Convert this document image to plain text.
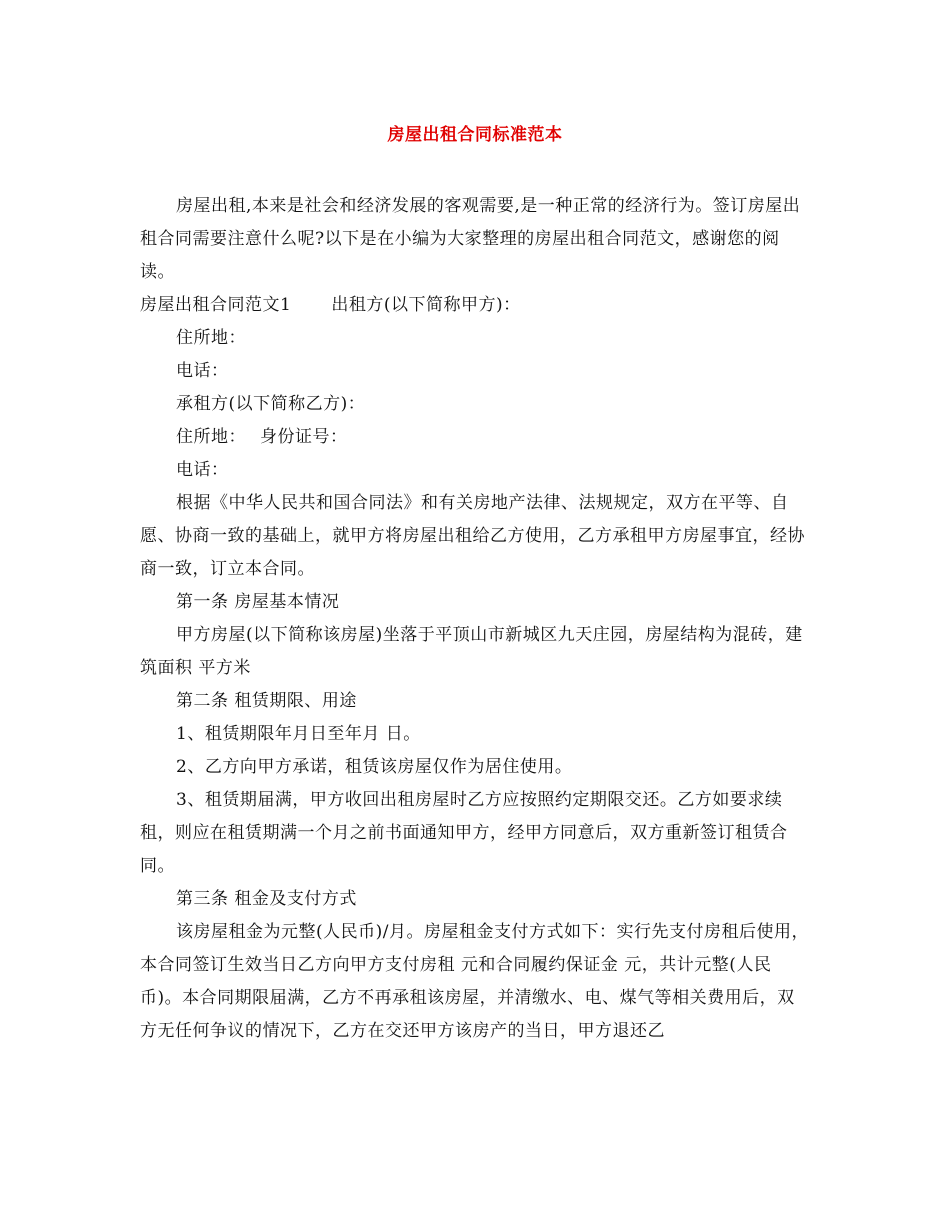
房屋出租合同标准范本

房屋出租,本来是社会和经济发展的客观需要,是一种正常的经济行为。签订房屋出租合同需要注意什么呢?以下是在小编为大家整理的房屋出租合同范文，感谢您的阅读。

房屋出租合同范文1 出租方(以下简称甲方)：

住所地：

电话：

承租方(以下简称乙方)：

住所地： 身份证号：

电话：

根据《中华人民共和国合同法》和有关房地产法律、法规规定，双方在平等、自愿、协商一致的基础上，就甲方将房屋出租给乙方使用，乙方承租甲方房屋事宜，经协商一致，订立本合同。

第一条 房屋基本情况

甲方房屋(以下简称该房屋)坐落于平顶山市新城区九天庄园，房屋结构为混砖，建筑面积 平方米

第二条 租赁期限、用途

1、租赁期限年月日至年月 日。

2、乙方向甲方承诺，租赁该房屋仅作为居住使用。

3、租赁期届满，甲方收回出租房屋时乙方应按照约定期限交还。乙方如要求续租，则应在租赁期满一个月之前书面通知甲方，经甲方同意后，双方重新签订租赁合同。

第三条 租金及支付方式

该房屋租金为元整(人民币)/月。房屋租金支付方式如下：实行先支付房租后使用，本合同签订生效当日乙方向甲方支付房租 元和合同履约保证金 元，共计元整(人民币)。本合同期限届满，乙方不再承租该房屋，并清缴水、电、煤气等相关费用后，双方无任何争议的情况下，乙方在交还甲方该房产的当日，甲方退还乙
